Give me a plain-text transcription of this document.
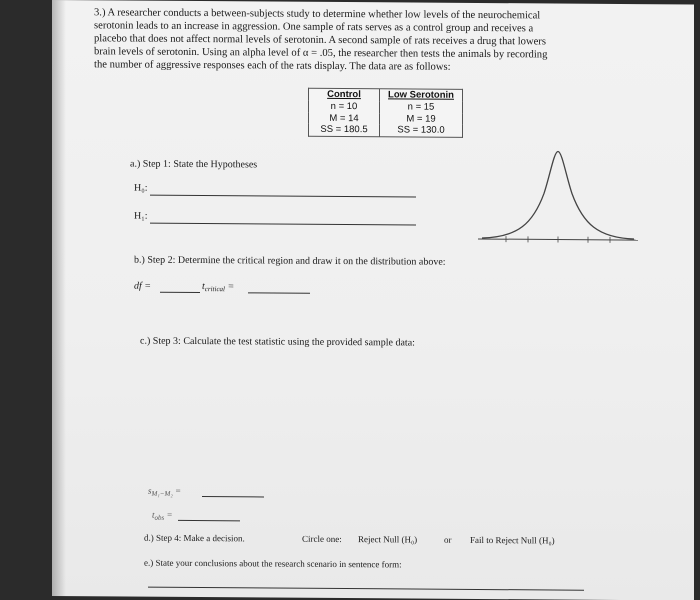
3.) A researcher conducts a between-subjects study to determine whether low levels of the neurochemical
serotonin leads to an increase in aggression. One sample of rats serves as a control group and receives a
placebo that does not affect normal levels of serotonin. A second sample of rats receives a drug that lowers
brain levels of serotonin. Using an alpha level of α = .05, the researcher then tests the animals by recording
the number of aggressive responses each of the rats display. The data are as follows:
Control	Low Serotonin
n = 10	n = 15
M = 14	M = 19
SS = 180.5	SS = 130.0
a.) Step 1: State the Hypotheses
H₀:
H₁:
b.) Step 2: Determine the critical region and draw it on the distribution above:
df =	$t_{critical}$ =
c.) Step 3: Calculate the test statistic using the provided sample data:
$s_{M_1-M_2}$ =
$t_{obs}$ =
d.) Step 4: Make a decision.	Circle one: Reject Null (H₀)	or Fail to Reject Null (H₀)
e.) State your conclusions about the research scenario in sentence form:
